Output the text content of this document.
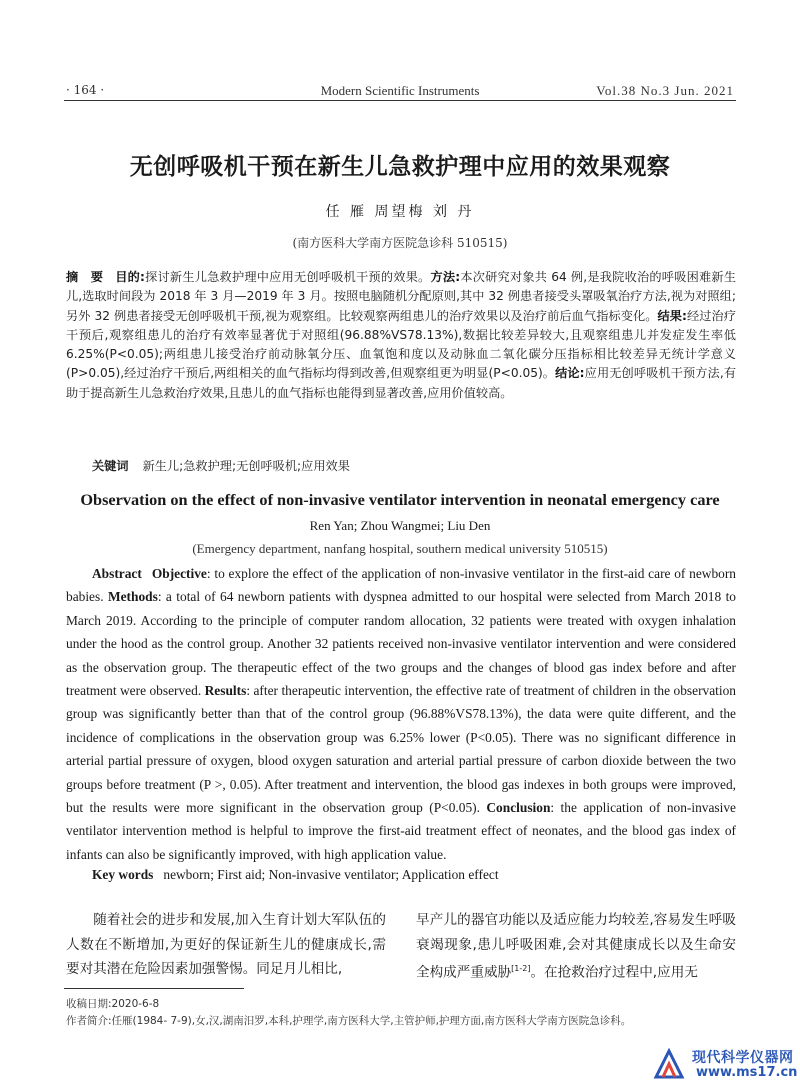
· 164 ·	Modern Scientific Instruments	Vol.38 No.3 Jun. 2021
无创呼吸机干预在新生儿急救护理中应用的效果观察
任 雁 周望梅 刘 丹
(南方医科大学南方医院急诊科 510515)
摘　要 目的:探讨新生儿急救护理中应用无创呼吸机干预的效果。方法:本次研究对象共 64 例,是我院收治的呼吸困难新生儿,选取时间段为 2018 年 3 月—2019 年 3 月。按照电脑随机分配原则,其中 32 例患者接受头罩吸氧治疗方法,视为对照组;另外 32 例患者接受无创呼吸机干预,视为观察组。比较观察两组患儿的治疗效果以及治疗前后血气指标变化。结果:经过治疗干预后,观察组患儿的治疗有效率显著优于对照组(96.88%VS78.13%),数据比较差异较大,且观察组患儿并发症发生率低 6.25%(P<0.05);两组患儿接受治疗前动脉氧分压、血氧饱和度以及动脉血二氧化碳分压指标相比较差异无统计学意义(P>0.05),经过治疗干预后,两组相关的血气指标均得到改善,但观察组更为明显(P<0.05)。结论:应用无创呼吸机干预方法,有助于提高新生儿急救治疗效果,且患儿的血气指标也能得到显著改善,应用价值较高。
关键词 新生儿;急救护理;无创呼吸机;应用效果
Observation on the effect of non-invasive ventilator intervention in neonatal emergency care
Ren Yan; Zhou Wangmei; Liu Den
(Emergency department, nanfang hospital, southern medical university 510515)
Abstract Objective: to explore the effect of the application of non-invasive ventilator in the first-aid care of newborn babies. Methods: a total of 64 newborn patients with dyspnea admitted to our hospital were selected from March 2018 to March 2019. According to the principle of computer random allocation, 32 patients were treated with oxygen inhalation under the hood as the control group. Another 32 patients received non-invasive ventilator intervention and were considered as the observation group. The therapeutic effect of the two groups and the changes of blood gas index before and after treatment were observed. Results: after therapeutic intervention, the effective rate of treatment of children in the observation group was significantly better than that of the control group (96.88%VS78.13%), the data were quite different, and the incidence of complications in the observation group was 6.25% lower (P<0.05). There was no significant difference in arterial partial pressure of oxygen, blood oxygen saturation and arterial partial pressure of carbon dioxide between the two groups before treatment (P >, 0.05). After treatment and intervention, the blood gas indexes in both groups were improved, but the results were more significant in the observation group (P<0.05). Conclusion: the application of non-invasive ventilator intervention method is helpful to improve the first-aid treatment effect of neonates, and the blood gas index of infants can also be significantly improved, with high application value.
Key words newborn; First aid; Non-invasive ventilator; Application effect
随着社会的进步和发展,加入生育计划大军队伍的人数在不断增加,为更好的保证新生儿的健康成长,需要对其潜在危险因素加强警惕。同足月儿相比,
早产儿的器官功能以及适应能力均较差,容易发生呼吸衰竭现象,患儿呼吸困难,会对其健康成长以及生命安全构成严重威胁[1-2]。在抢救治疗过程中,应用无
收稿日期:2020-6-8
作者简介:任雁(1984- 7-9),女,汉,湖南汨罗,本科,护理学,南方医科大学,主管护师,护理方面,南方医科大学南方医院急诊科。
现代科学仪器网
www.ms17.cn
